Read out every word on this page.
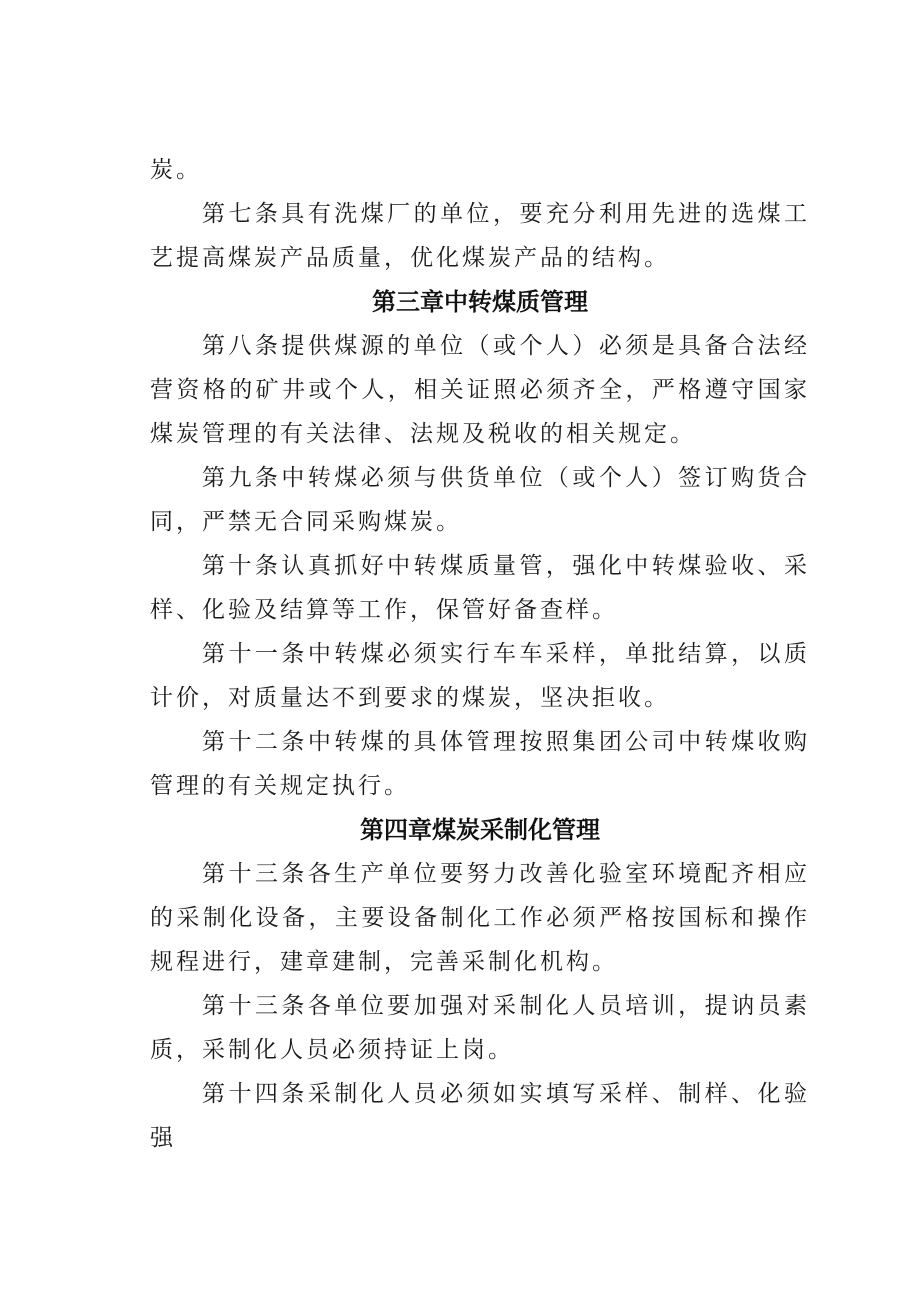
炭。

第七条具有洗煤厂的单位，要充分利用先进的选煤工艺提高煤炭产品质量，优化煤炭产品的结构。

第三章中转煤质管理

第八条提供煤源的单位（或个人）必须是具备合法经营资格的矿井或个人，相关证照必须齐全，严格遵守国家煤炭管理的有关法律、法规及税收的相关规定。

第九条中转煤必须与供货单位（或个人）签订购货合同，严禁无合同采购煤炭。

第十条认真抓好中转煤质量管，强化中转煤验收、采样、化验及结算等工作，保管好备查样。

第十一条中转煤必须实行车车采样，单批结算，以质计价，对质量达不到要求的煤炭，坚决拒收。

第十二条中转煤的具体管理按照集团公司中转煤收购管理的有关规定执行。

第四章煤炭采制化管理

第十三条各生产单位要努力改善化验室环境配齐相应的采制化设备，主要设备制化工作必须严格按国标和操作规程进行，建章建制，完善采制化机构。

第十三条各单位要加强对采制化人员培训，提讷员素质，采制化人员必须持证上岗。

第十四条采制化人员必须如实填写采样、制样、化验强
